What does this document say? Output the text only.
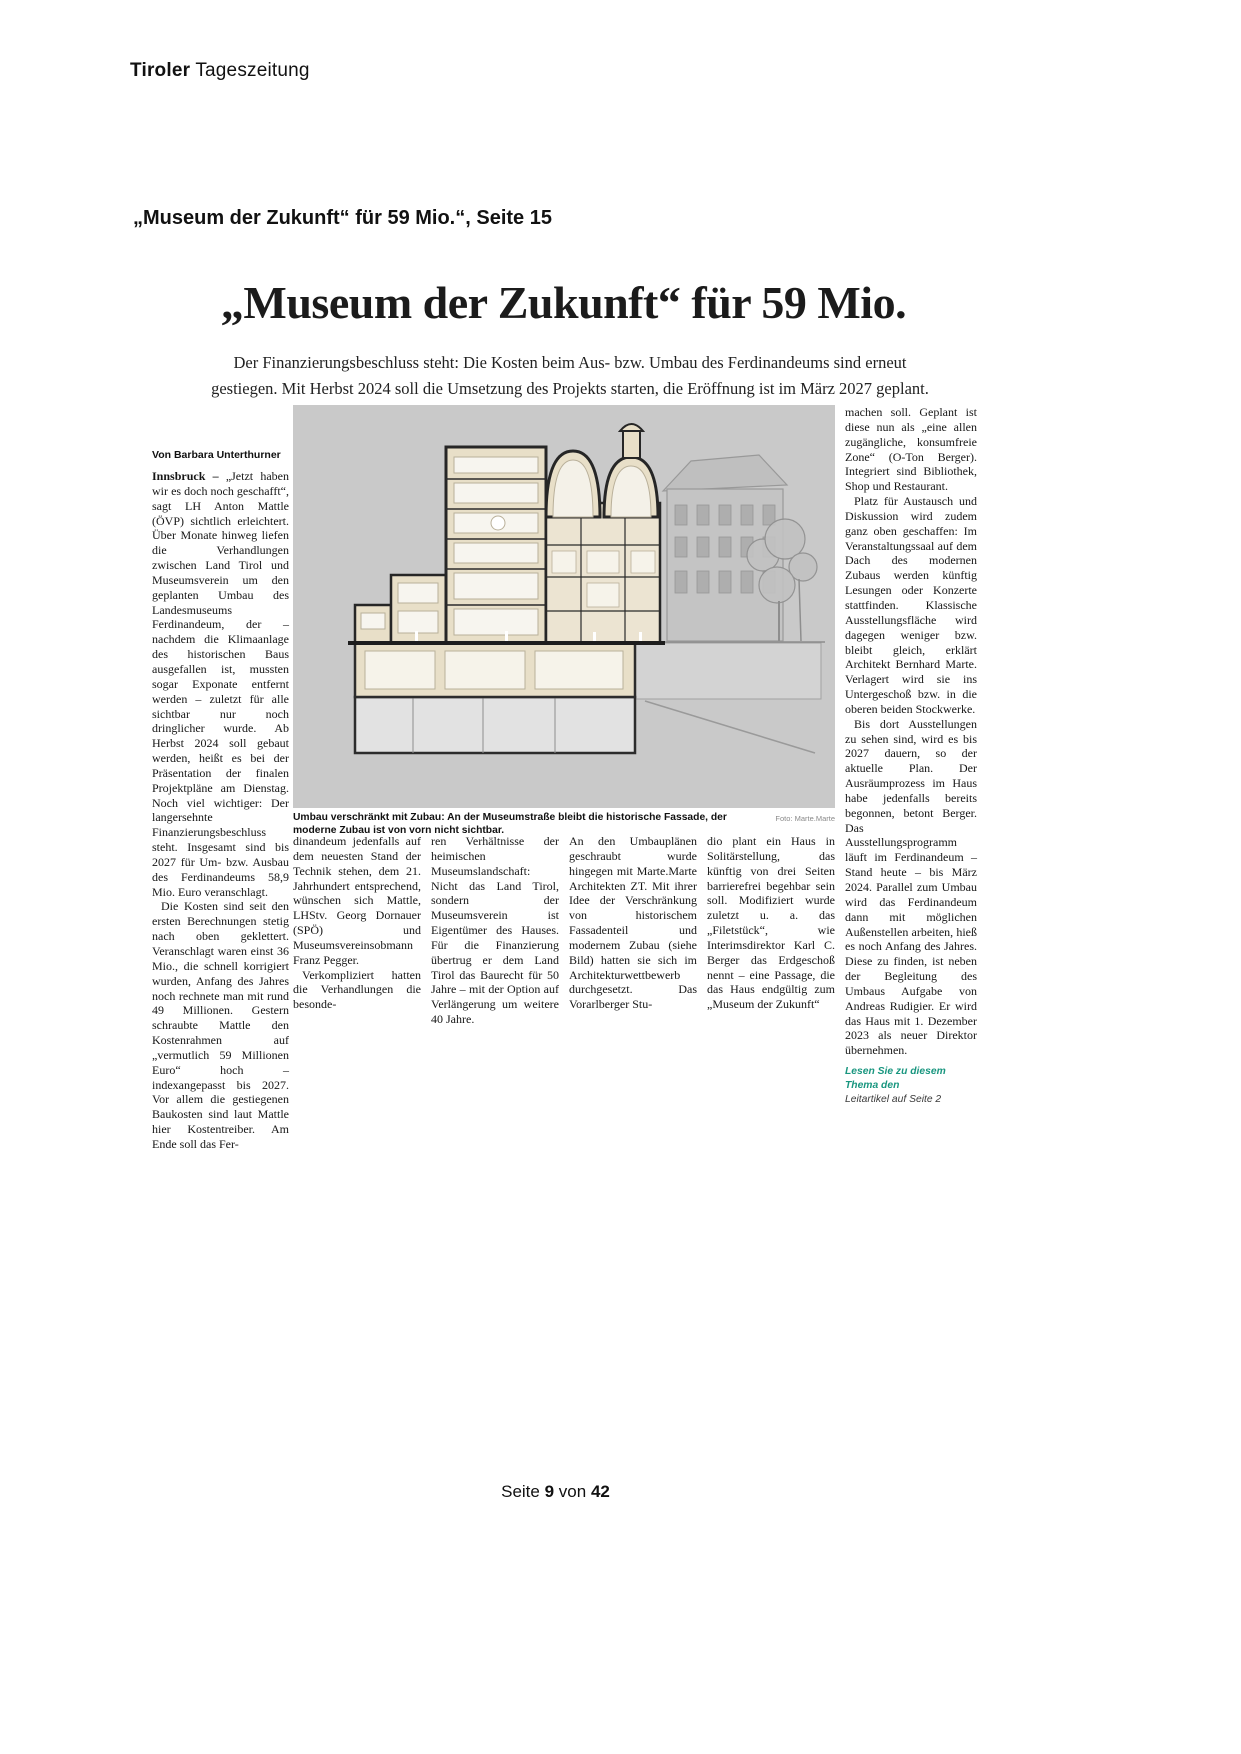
Tiroler Tageszeitung
„Museum der Zukunft“ für 59 Mio.“, Seite 15
„Museum der Zukunft“ für 59 Mio.
Der Finanzierungsbeschluss steht: Die Kosten beim Aus- bzw. Umbau des Ferdinandeums sind erneut
gestiegen. Mit Herbst 2024 soll die Umsetzung des Projekts starten, die Eröffnung ist im März 2027 geplant.
Von Barbara Unterthurner

Innsbruck – „Jetzt haben wir es doch noch geschafft“, sagt LH Anton Mattle (ÖVP) sichtlich erleichtert. Über Monate hinweg liefen die Verhandlungen zwischen Land Tirol und Museumsverein um den geplanten Umbau des Landesmuseums Ferdinandeum, der – nachdem die Klimaanlage des historischen Baus ausgefallen ist, mussten sogar Exponate entfernt werden – zuletzt für alle sichtbar nur noch dringlicher wurde. Ab Herbst 2024 soll gebaut werden, heißt es bei der Präsentation der finalen Projektpläne am Dienstag. Noch viel wichtiger: Der langersehnte Finanzierungsbeschluss steht. Insgesamt sind bis 2027 für Um- bzw. Ausbau des Ferdinandeums 58,9 Mio. Euro veranschlagt.

Die Kosten sind seit den ersten Berechnungen stetig nach oben geklettert. Veranschlagt waren einst 36 Mio., die schnell korrigiert wurden, Anfang des Jahres noch rechnete man mit rund 49 Millionen. Gestern schraubte Mattle den Kostenrahmen auf „vermutlich 59 Millionen Euro“ hoch – indexangepasst bis 2027. Vor allem die gestiegenen Baukosten sind laut Mattle hier Kostentreiber. Am Ende soll das Fer-

Foto: Marte.Marte
Umbau verschränkt mit Zubau: An der Museumstraße bleibt die historische Fassade, der moderne Zubau ist von vorn nicht sichtbar.

dinandeum jedenfalls auf dem neuesten Stand der Technik stehen, dem 21. Jahrhundert entsprechend, wünschen sich Mattle, LHStv. Georg Dornauer (SPÖ) und Museumsvereinsobmann Franz Pegger.

Verkompliziert hatten die Verhandlungen die besonde-

ren Verhältnisse der heimischen Museumslandschaft: Nicht das Land Tirol, sondern der Museumsverein ist Eigentümer des Hauses. Für die Finanzierung übertrug er dem Land Tirol das Baurecht für 50 Jahre – mit der Option auf Verlängerung um weitere 40 Jahre.

An den Umbauplänen geschraubt wurde hingegen mit Marte.Marte Architekten ZT. Mit ihrer Idee der Verschränkung von historischem Fassadenteil und modernem Zubau (siehe Bild) hatten sie sich im Architekturwettbewerb durchgesetzt. Das Vorarlberger Stu-

dio plant ein Haus in Solitärstellung, das künftig von drei Seiten barrierefrei begehbar sein soll. Modifiziert wurde zuletzt u. a. das „Filetstück“, wie Interimsdirektor Karl C. Berger das Erdgeschoß nennt – eine Passage, die das Haus endgültig zum „Museum der Zukunft“

machen soll. Geplant ist diese nun als „eine allen zugängliche, konsumfreie Zone“ (O-Ton Berger). Integriert sind Bibliothek, Shop und Restaurant.

Platz für Austausch und Diskussion wird zudem ganz oben geschaffen: Im Veranstaltungssaal auf dem Dach des modernen Zubaus werden künftig Lesungen oder Konzerte stattfinden. Klassische Ausstellungsfläche wird dagegen weniger bzw. bleibt gleich, erklärt Architekt Bernhard Marte. Verlagert wird sie ins Untergeschoß bzw. in die oberen beiden Stockwerke.

Bis dort Ausstellungen zu sehen sind, wird es bis 2027 dauern, so der aktuelle Plan. Der Ausräumprozess im Haus habe jedenfalls bereits begonnen, betont Berger. Das Ausstellungsprogramm läuft im Ferdinandeum – Stand heute – bis März 2024. Parallel zum Umbau wird das Ferdinandeum dann mit möglichen Außenstellen arbeiten, hieß es noch Anfang des Jahres. Diese zu finden, ist neben der Begleitung des Umbaus Aufgabe von Andreas Rudigier. Er wird das Haus mit 1. Dezember 2023 als neuer Direktor übernehmen.

Lesen Sie zu diesem Thema den
Leitartikel auf Seite 2
Seite 9 von 42
